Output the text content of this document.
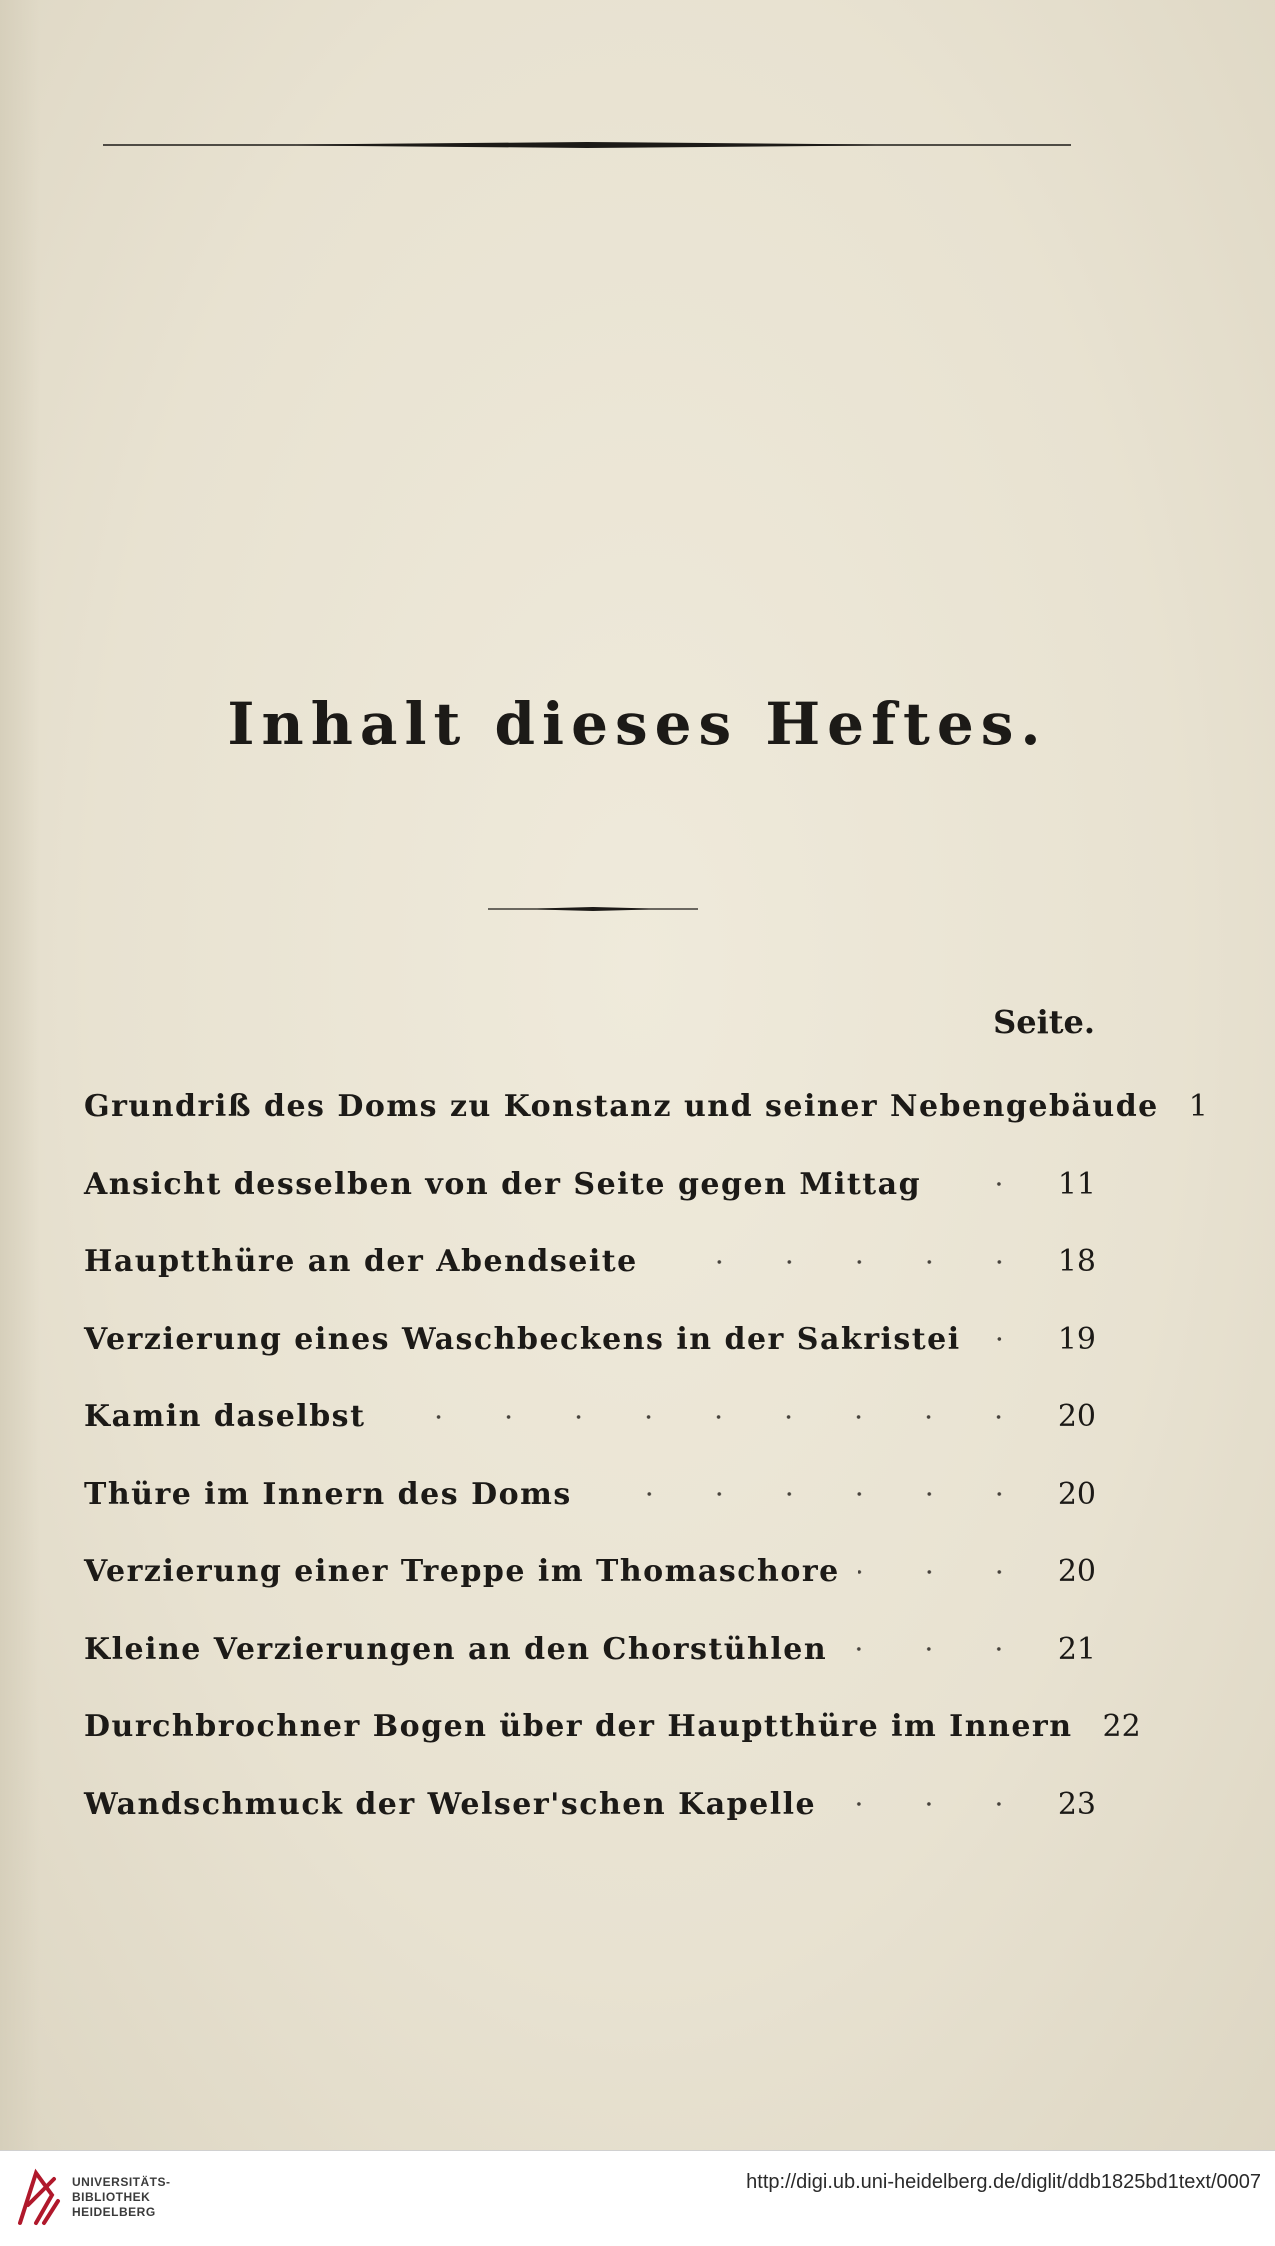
Inhalt dieses Heftes.
Seite.
Grundriß des Doms zu Konstanz und seiner Nebengebäude 1
Ansicht desselben von der Seite gegen Mittag	11
Hauptthüre an der Abendseite	18
Verzierung eines Waschbeckens in der Sakristei	19
Kamin daselbst	20
Thüre im Innern des Doms	20
Verzierung einer Treppe im Thomaschore	20
Kleine Verzierungen an den Chorstühlen	21
Durchbrochner Bogen über der Hauptthüre im Innern 22
Wandschmuck der Welser'schen Kapelle	23
UNIVERSITÄTS-
BIBLIOTHEK
HEIDELBERG
http://digi.ub.uni-heidelberg.de/diglit/ddb1825bd1text/0007
